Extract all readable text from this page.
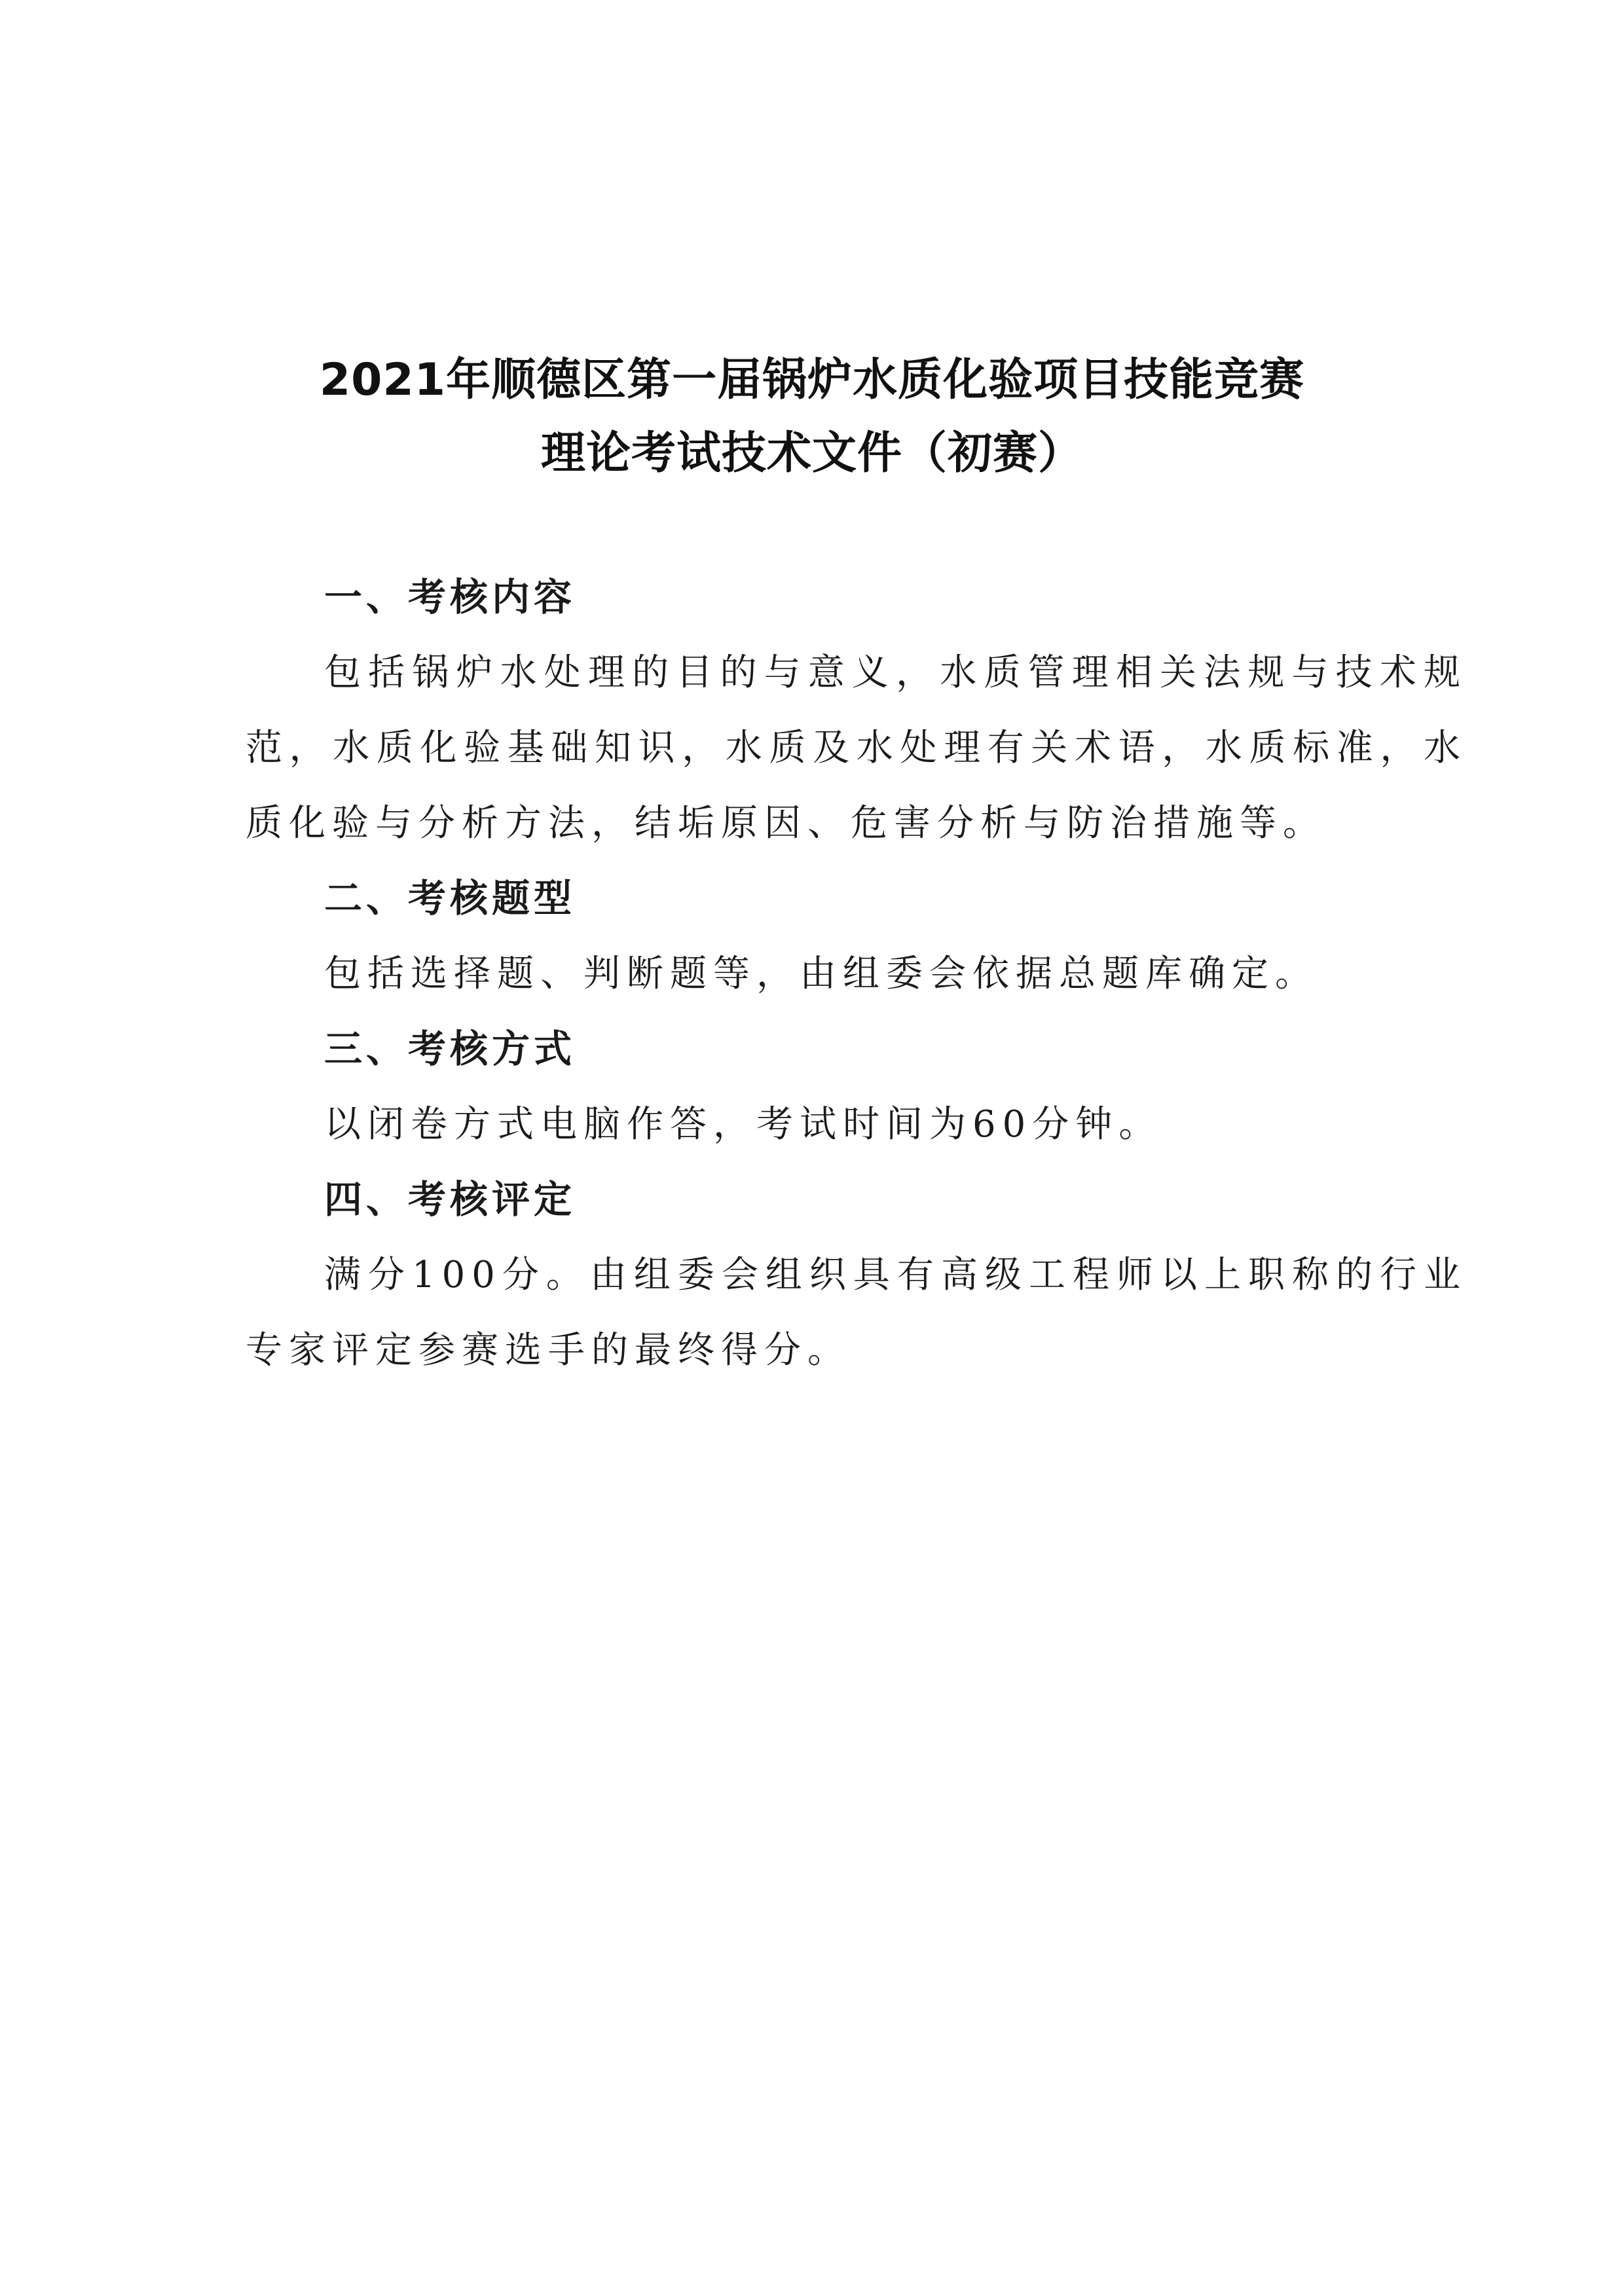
2021年顺德区第一届锅炉水质化验项目技能竞赛
理论考试技术文件（初赛）
一、考核内容

包括锅炉水处理的目的与意义，水质管理相关法规与技术规范，水质化验基础知识，水质及水处理有关术语，水质标准，水质化验与分析方法，结垢原因、危害分析与防治措施等。

二、考核题型

包括选择题、判断题等，由组委会依据总题库确定。

三、考核方式

以闭卷方式电脑作答，考试时间为60分钟。

四、考核评定

满分100分。由组委会组织具有高级工程师以上职称的行业专家评定参赛选手的最终得分。
